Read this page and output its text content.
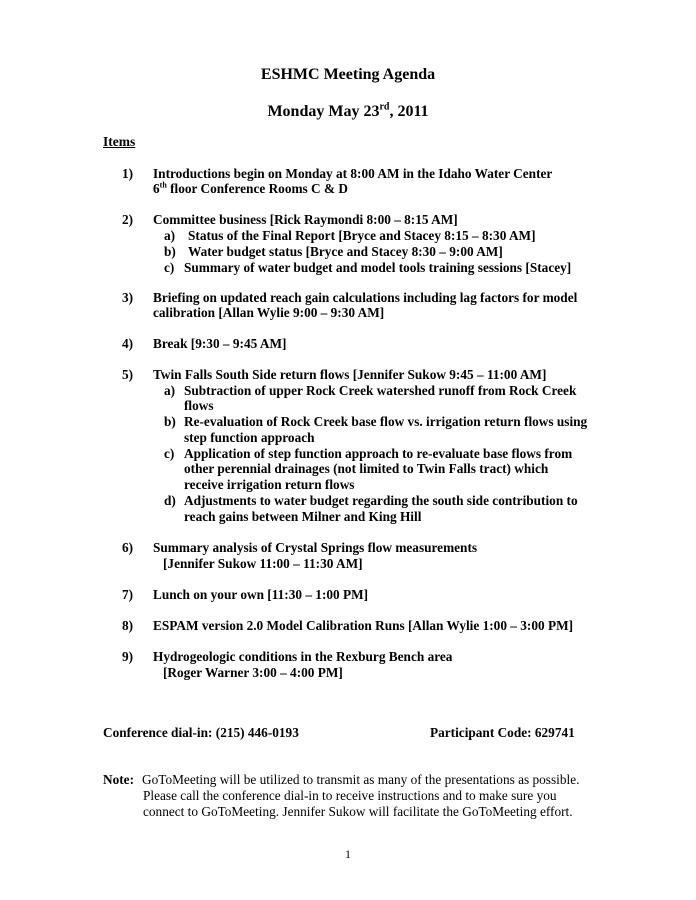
ESHMC Meeting Agenda
Monday May 23rd, 2011
Items
1) Introductions begin on Monday at 8:00 AM in the Idaho Water Center
6th floor Conference Rooms C & D
2) Committee business [Rick Raymondi 8:00 – 8:15 AM]
a) Status of the Final Report [Bryce and Stacey 8:15 – 8:30 AM]
b) Water budget status [Bryce and Stacey 8:30 – 9:00 AM]
c) Summary of water budget and model tools training sessions [Stacey]
3) Briefing on updated reach gain calculations including lag factors for model
calibration [Allan Wylie 9:00 – 9:30 AM]
4) Break [9:30 – 9:45 AM]
5) Twin Falls South Side return flows [Jennifer Sukow 9:45 – 11:00 AM]
a) Subtraction of upper Rock Creek watershed runoff from Rock Creek
flows
b) Re-evaluation of Rock Creek base flow vs. irrigation return flows using
step function approach
c) Application of step function approach to re-evaluate base flows from
other perennial drainages (not limited to Twin Falls tract) which
receive irrigation return flows
d) Adjustments to water budget regarding the south side contribution to
reach gains between Milner and King Hill
6) Summary analysis of Crystal Springs flow measurements
[Jennifer Sukow 11:00 – 11:30 AM]
7) Lunch on your own [11:30 – 1:00 PM]
8) ESPAM version 2.0 Model Calibration Runs [Allan Wylie 1:00 – 3:00 PM]
9) Hydrogeologic conditions in the Rexburg Bench area
[Roger Warner 3:00 – 4:00 PM]
Conference dial-in: (215) 446-0193	Participant Code: 629741
Note: GoToMeeting will be utilized to transmit as many of the presentations as possible.
Please call the conference dial-in to receive instructions and to make sure you
connect to GoToMeeting. Jennifer Sukow will facilitate the GoToMeeting effort.
1
